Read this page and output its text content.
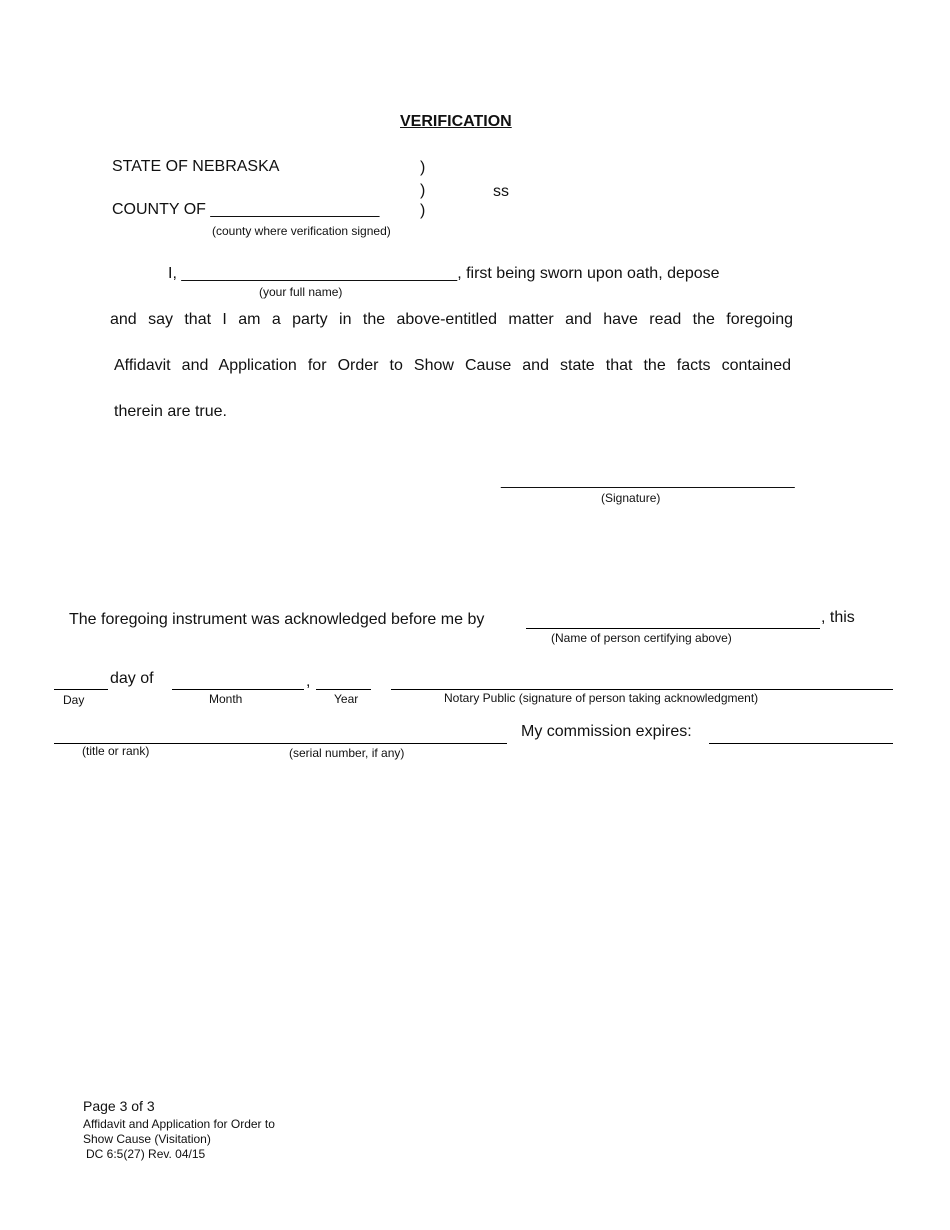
VERIFICATION
STATE OF NEBRASKA	)
)	ss
COUNTY OF ___________________	)
(county where verification signed)
I, _______________________________, first being sworn upon oath, depose
(your full name)
and say that I am a party in the above-entitled matter and have read the foregoing
Affidavit and Application for Order to Show Cause and state that the facts contained
therein are true.
_________________________________
(Signature)
The foregoing instrument was acknowledged before me by	, this
(Name of person certifying above)
day of	,
Day	Month	Year	Notary Public (signature of person taking acknowledgment)
My commission expires:
(title or rank)	(serial number, if any)
Page 3 of 3
Affidavit and Application for Order to
Show Cause (Visitation)
DC 6:5(27) Rev. 04/15
